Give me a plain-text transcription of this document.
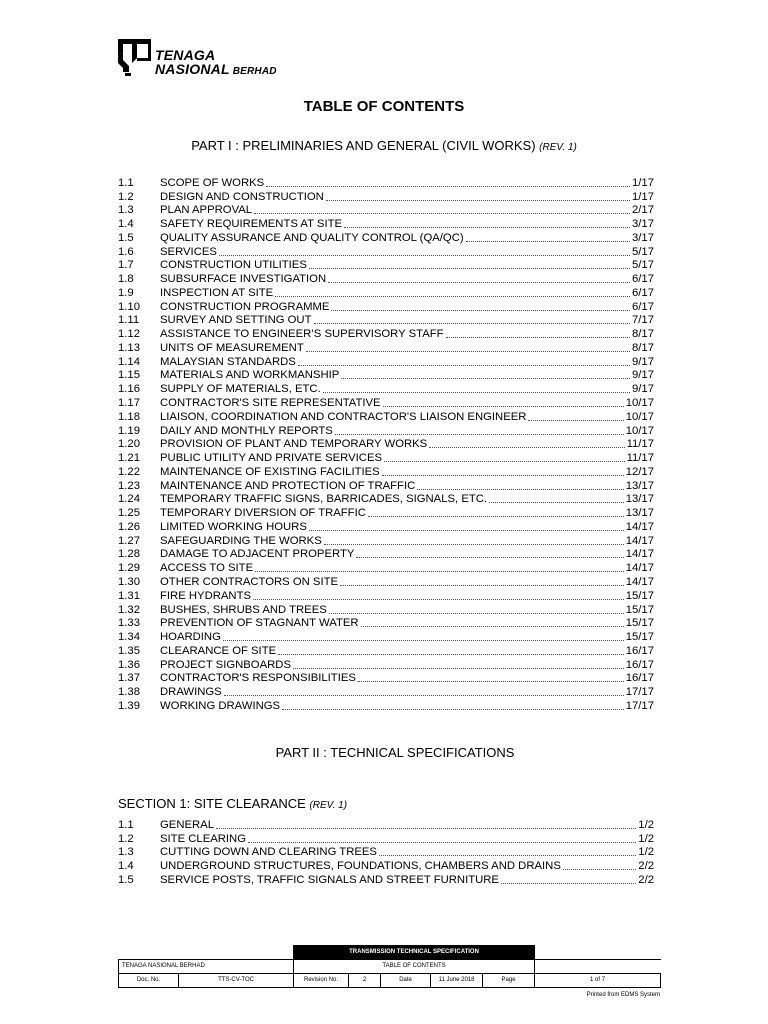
TENAGA
NASIONAL BERHAD
TABLE OF CONTENTS
PART I : PRELIMINARIES AND GENERAL (CIVIL WORKS) (REV. 1)
1.1	SCOPE OF WORKS	1/17
1.2	DESIGN AND CONSTRUCTION	1/17
1.3	PLAN APPROVAL	2/17
1.4	SAFETY REQUIREMENTS AT SITE	3/17
1.5	QUALITY ASSURANCE AND QUALITY CONTROL (QA/QC)	3/17
1.6	SERVICES	5/17
1.7	CONSTRUCTION UTILITIES	5/17
1.8	SUBSURFACE INVESTIGATION	6/17
1.9	INSPECTION AT SITE	6/17
1.10	CONSTRUCTION PROGRAMME	6/17
1.11	SURVEY AND SETTING OUT	7/17
1.12	ASSISTANCE TO ENGINEER’S SUPERVISORY STAFF	8/17
1.13	UNITS OF MEASUREMENT	8/17
1.14	MALAYSIAN STANDARDS	9/17
1.15	MATERIALS AND WORKMANSHIP	9/17
1.16	SUPPLY OF MATERIALS, ETC.	9/17
1.17	CONTRACTOR'S SITE REPRESENTATIVE	10/17
1.18	LIAISON, COORDINATION AND CONTRACTOR'S LIAISON ENGINEER	10/17
1.19	DAILY AND MONTHLY REPORTS	10/17
1.20	PROVISION OF PLANT AND TEMPORARY WORKS	11/17
1.21	PUBLIC UTILITY AND PRIVATE SERVICES	11/17
1.22	MAINTENANCE OF EXISTING FACILITIES	12/17
1.23	MAINTENANCE AND PROTECTION OF TRAFFIC	13/17
1.24	TEMPORARY TRAFFIC SIGNS, BARRICADES, SIGNALS, ETC.	13/17
1.25	TEMPORARY DIVERSION OF TRAFFIC	13/17
1.26	LIMITED WORKING HOURS	14/17
1.27	SAFEGUARDING THE WORKS	14/17
1.28	DAMAGE TO ADJACENT PROPERTY	14/17
1.29	ACCESS TO SITE	14/17
1.30	OTHER CONTRACTORS ON SITE	14/17
1.31	FIRE HYDRANTS	15/17
1.32	BUSHES, SHRUBS AND TREES	15/17
1.33	PREVENTION OF STAGNANT WATER	15/17
1.34	HOARDING	15/17
1.35	CLEARANCE OF SITE	16/17
1.36	PROJECT SIGNBOARDS	16/17
1.37	CONTRACTOR'S RESPONSIBILITIES	16/17
1.38	DRAWINGS	17/17
1.39	WORKING DRAWINGS	17/17
PART II : TECHNICAL SPECIFICATIONS
SECTION 1: SITE CLEARANCE (REV. 1)
1.1	GENERAL	1/2
1.2	SITE CLEARING	1/2
1.3	CUTTING DOWN AND CLEARING TREES	1/2
1.4	UNDERGROUND STRUCTURES, FOUNDATIONS, CHAMBERS AND DRAINS	2/2
1.5	SERVICE POSTS, TRAFFIC SIGNALS AND STREET FURNITURE	2/2
		TRANSMISSION TECHNICAL SPECIFICATION					
TENAGA NASIONAL BERHAD		TABLE OF CONTENTS					
Doc. No.	TTS-CV-TOC	Revision No.	2	Date	11 June 2018	Page	1 of 7
Printed from EDMS System
